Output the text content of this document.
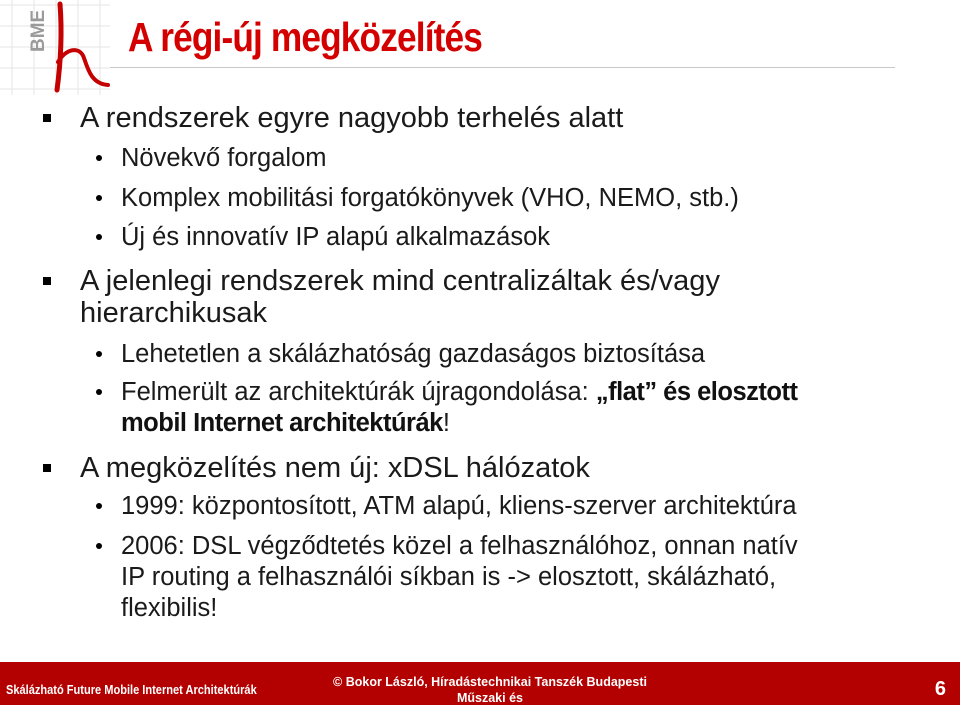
BME A régi-új megközelítés
A rendszerek egyre nagyobb terhelés alatt
Növekvő forgalom
Komplex mobilitási forgatókönyvek (VHO, NEMO, stb.)
Új és innovatív IP alapú alkalmazások
A jelenlegi rendszerek mind centralizáltak és/vagy
hierarchikusak
Lehetetlen a skálázhatóság gazdaságos biztosítása
Felmerült az architektúrák újragondolása: „flat” és elosztott
mobil Internet architektúrák!
A megközelítés nem új: xDSL hálózatok
1999: központosított, ATM alapú, kliens-szerver architektúra
2006: DSL végződtetés közel a felhasználóhoz, onnan natív
IP routing a felhasználói síkban is -> elosztott, skálázható,
flexibilis!
Skálázható Future Mobile Internet Architektúrák	© Bokor László, Híradástechnikai Tanszék Budapesti Műszaki és
Gazdaságtudományi Egyetem
6
